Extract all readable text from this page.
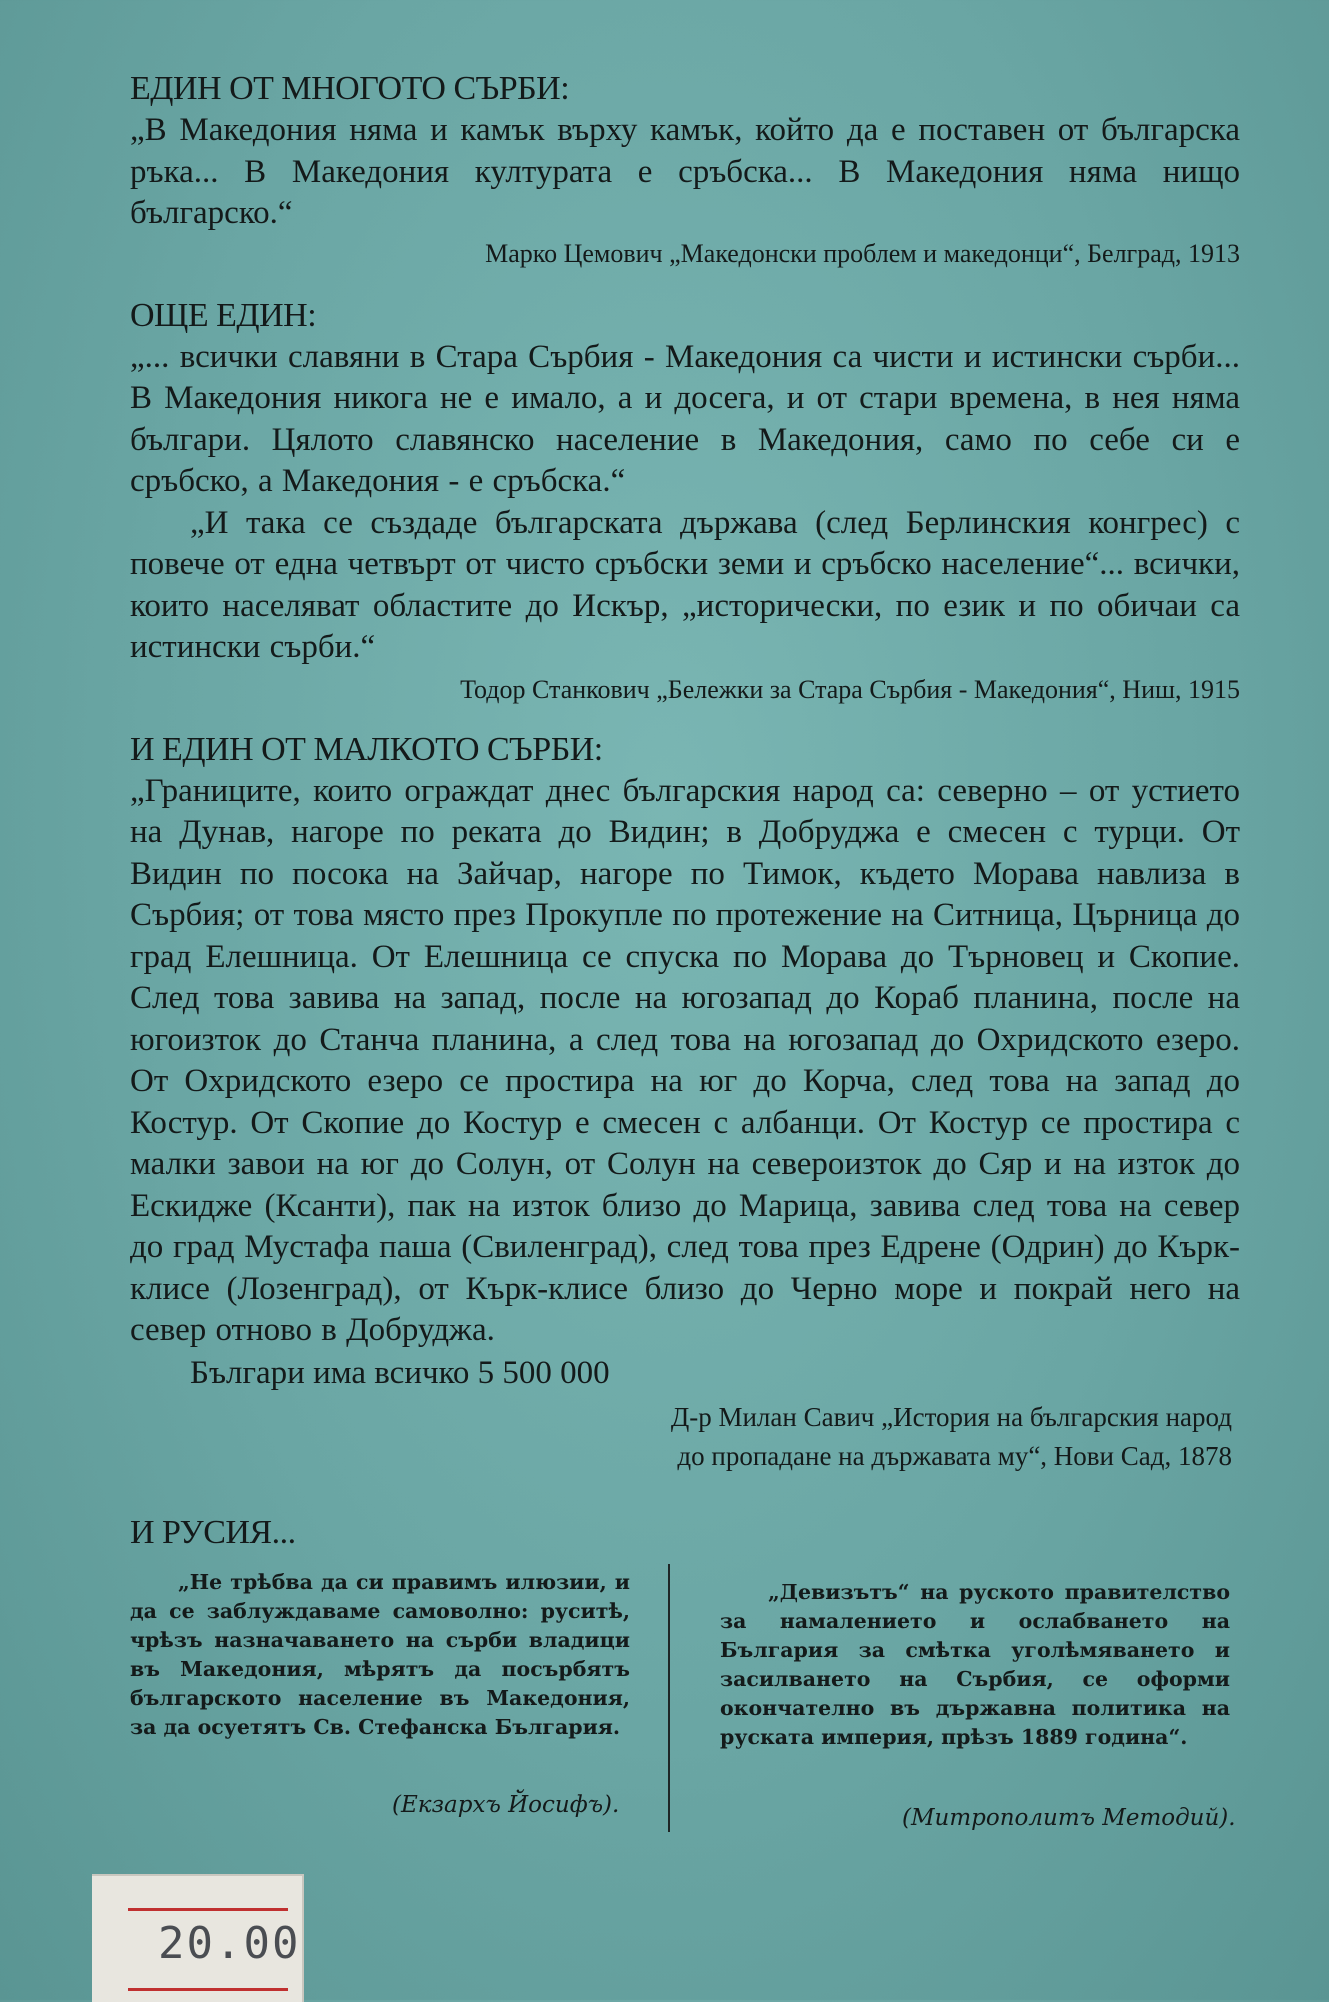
ЕДИН ОТ МНОГОТО СЪРБИ:

„В Македония няма и камък върху камък, който да е поставен от българска ръка... В Македония културата е сръбска... В Македония няма нищо българско.“

Марко Цемович „Македонски проблем и македонци“, Белград, 1913

ОЩЕ ЕДИН:

„... всички славяни в Стара Сърбия - Македония са чисти и истински сърби... В Македония никога не е имало, а и досега, и от стари времена, в нея няма българи. Цялото славянско население в Македония, само по себе си е сръбско, а Македония - е сръбска.“

„И така се създаде българската държава (след Берлинския конгрес) с повече от една четвърт от чисто сръбски земи и сръбско население“... всички, които населяват областите до Искър, „исторически, по език и по обичаи са истински сърби.“

Тодор Станкович „Бележки за Стара Сърбия - Македония“, Ниш, 1915

И ЕДИН ОТ МАЛКОТО СЪРБИ:

„Границите, които ограждат днес българския народ са: северно – от устието на Дунав, нагоре по реката до Видин; в Добруджа е смесен с турци. От Видин по посока на Зайчар, нагоре по Тимок, където Морава навлиза в Сърбия; от това място през Прокупле по протежение на Ситница, Църница до град Елешница. От Елешница се спуска по Морава до Търновец и Скопие. След това завива на запад, после на югозапад до Кораб планина, после на югоизток до Станча планина, а след това на югозапад до Охридското езеро. От Охридското езеро се простира на юг до Корча, след това на запад до Костур. От Скопие до Костур е смесен с албанци. От Костур се простира с малки завои на юг до Солун, от Солун на североизток до Сяр и на изток до Ескидже (Ксанти), пак на изток близо до Марица, завива след това на север до град Мустафа паша (Свиленград), след това през Едрене (Одрин) до Кърк-клисе (Лозенград), от Кърк-клисе близо до Черно море и покрай него на север отново в Добруджа.

Българи има всичко 5 500 000

Д-р Милан Савич „История на българския народ
до пропадане на държавата му“, Нови Сад, 1878
И РУСИЯ...
„Не трѣбва да си правимъ илюзии, и да се заблуждаваме самоволно: руситѣ, чрѣзъ назначаването на сърби владици въ Македония, мѣрятъ да посърбятъ българското население въ Македония, за да осуетятъ Св. Стефанска България.
„Девизътъ“ на руското правителство за намалението и ослабването на България за смѣтка уголѣмяването и засилването на Сърбия, се оформи окончателно въ държавна политика на руската империя, прѣзъ 1889 година“.
(Екзархъ Йосифъ).	(Митрополитъ Методий).
20.00
